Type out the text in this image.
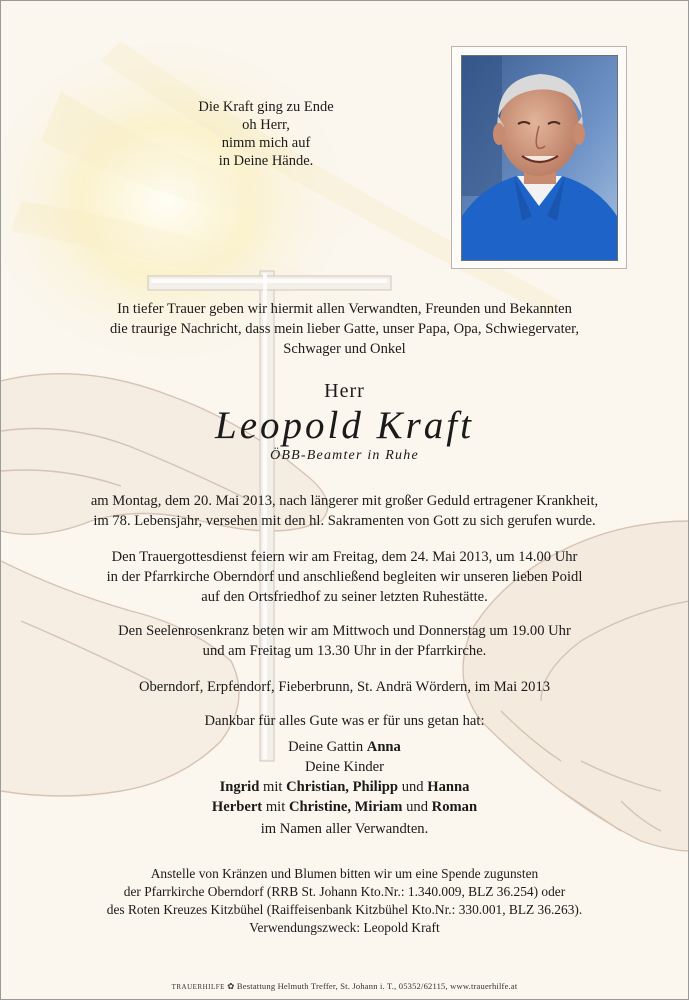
Die Kraft ging zu Ende
oh Herr,
nimm mich auf
in Deine Hände.
In tiefer Trauer geben wir hiermit allen Verwandten, Freunden und Bekannten
die traurige Nachricht, dass mein lieber Gatte, unser Papa, Opa, Schwiegervater,
Schwager und Onkel
Herr
Leopold Kraft
ÖBB-Beamter in Ruhe
am Montag, dem 20. Mai 2013, nach längerer mit großer Geduld ertragener Krankheit,
im 78. Lebensjahr, versehen mit den hl. Sakramenten von Gott zu sich gerufen wurde.
Den Trauergottesdienst feiern wir am Freitag, dem 24. Mai 2013, um 14.00 Uhr
in der Pfarrkirche Oberndorf und anschließend begleiten wir unseren lieben Poidl
auf den Ortsfriedhof zu seiner letzten Ruhestätte.
Den Seelenrosenkranz beten wir am Mittwoch und Donnerstag um 19.00 Uhr
und am Freitag um 13.30 Uhr in der Pfarrkirche.
Oberndorf, Erpfendorf, Fieberbrunn, St. Andrä Wördern, im Mai 2013
Dankbar für alles Gute was er für uns getan hat:
Deine Gattin Anna
Deine Kinder
Ingrid mit Christian, Philipp und Hanna
Herbert mit Christine, Miriam und Roman
im Namen aller Verwandten.
Anstelle von Kränzen und Blumen bitten wir um eine Spende zugunsten
der Pfarrkirche Oberndorf (RRB St. Johann Kto.Nr.: 1.340.009, BLZ 36.254) oder
des Roten Kreuzes Kitzbühel (Raiffeisenbank Kitzbühel Kto.Nr.: 330.001, BLZ 36.263).
Verwendungszweck: Leopold Kraft
TRAUERHILFE ✿ Bestattung Helmuth Treffer, St. Johann i. T., 05352/62115, www.trauerhilfe.at
